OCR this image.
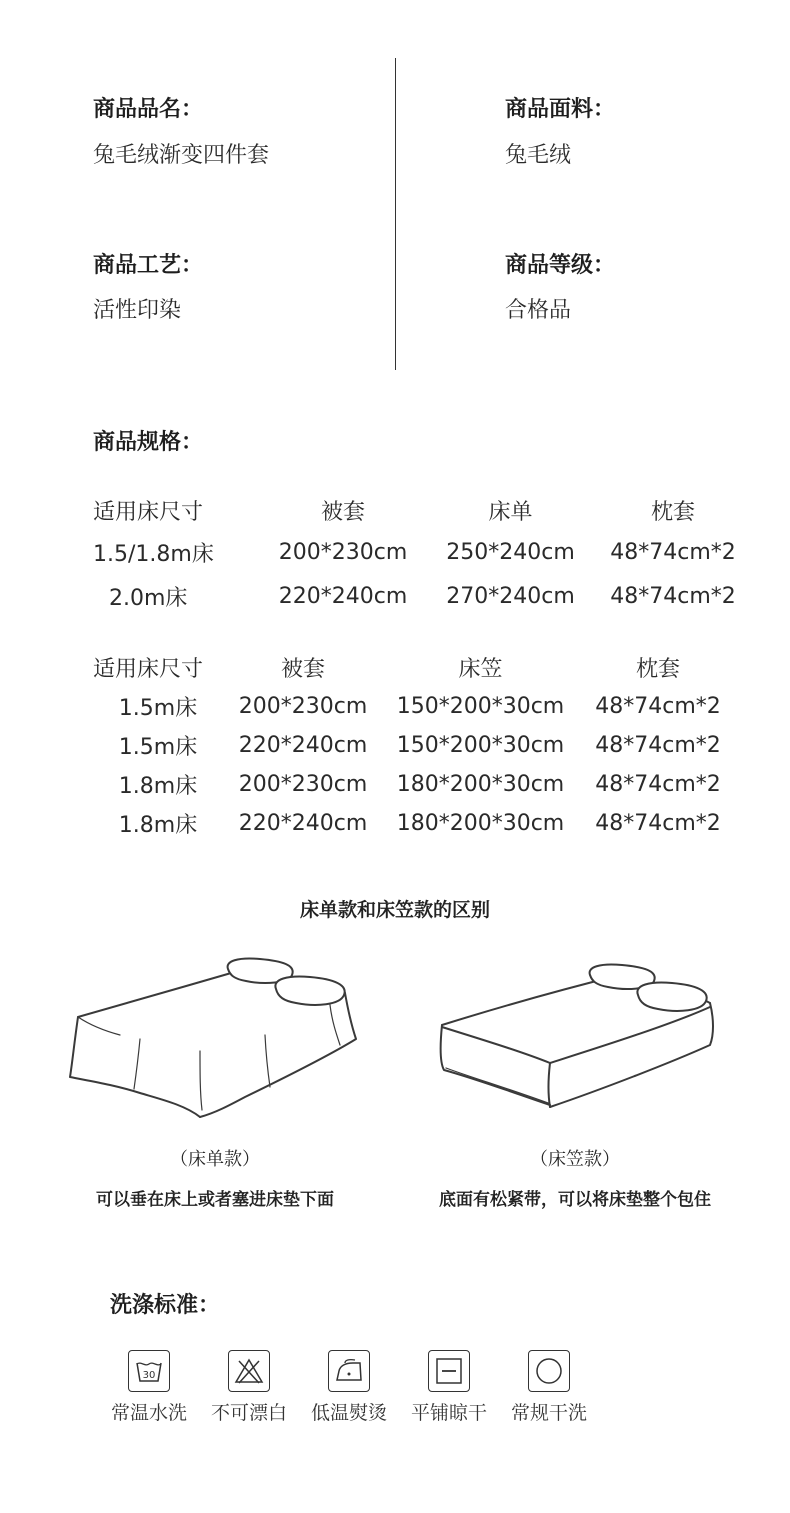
商品品名：
兔毛绒渐变四件套
商品面料：
兔毛绒
商品工艺：
活性印染
商品等级：
合格品
商品规格：
适用床尺寸	被套	床单	枕套
1.5/1.8m床	200*230cm	250*240cm	48*74cm*2
2.0m床	220*240cm	270*240cm	48*74cm*2
适用床尺寸	被套	床笠	枕套
1.5m床	200*230cm	150*200*30cm	48*74cm*2
1.5m床	220*240cm	150*200*30cm	48*74cm*2
1.8m床	200*230cm	180*200*30cm	48*74cm*2
1.8m床	220*240cm	180*200*30cm	48*74cm*2
床单款和床笠款的区别
（床单款）
可以垂在床上或者塞进床垫下面
（床笠款）
底面有松紧带，可以将床垫整个包住
洗涤标准：
30
常温水洗	不可漂白	低温熨烫	平铺晾干	常规干洗
